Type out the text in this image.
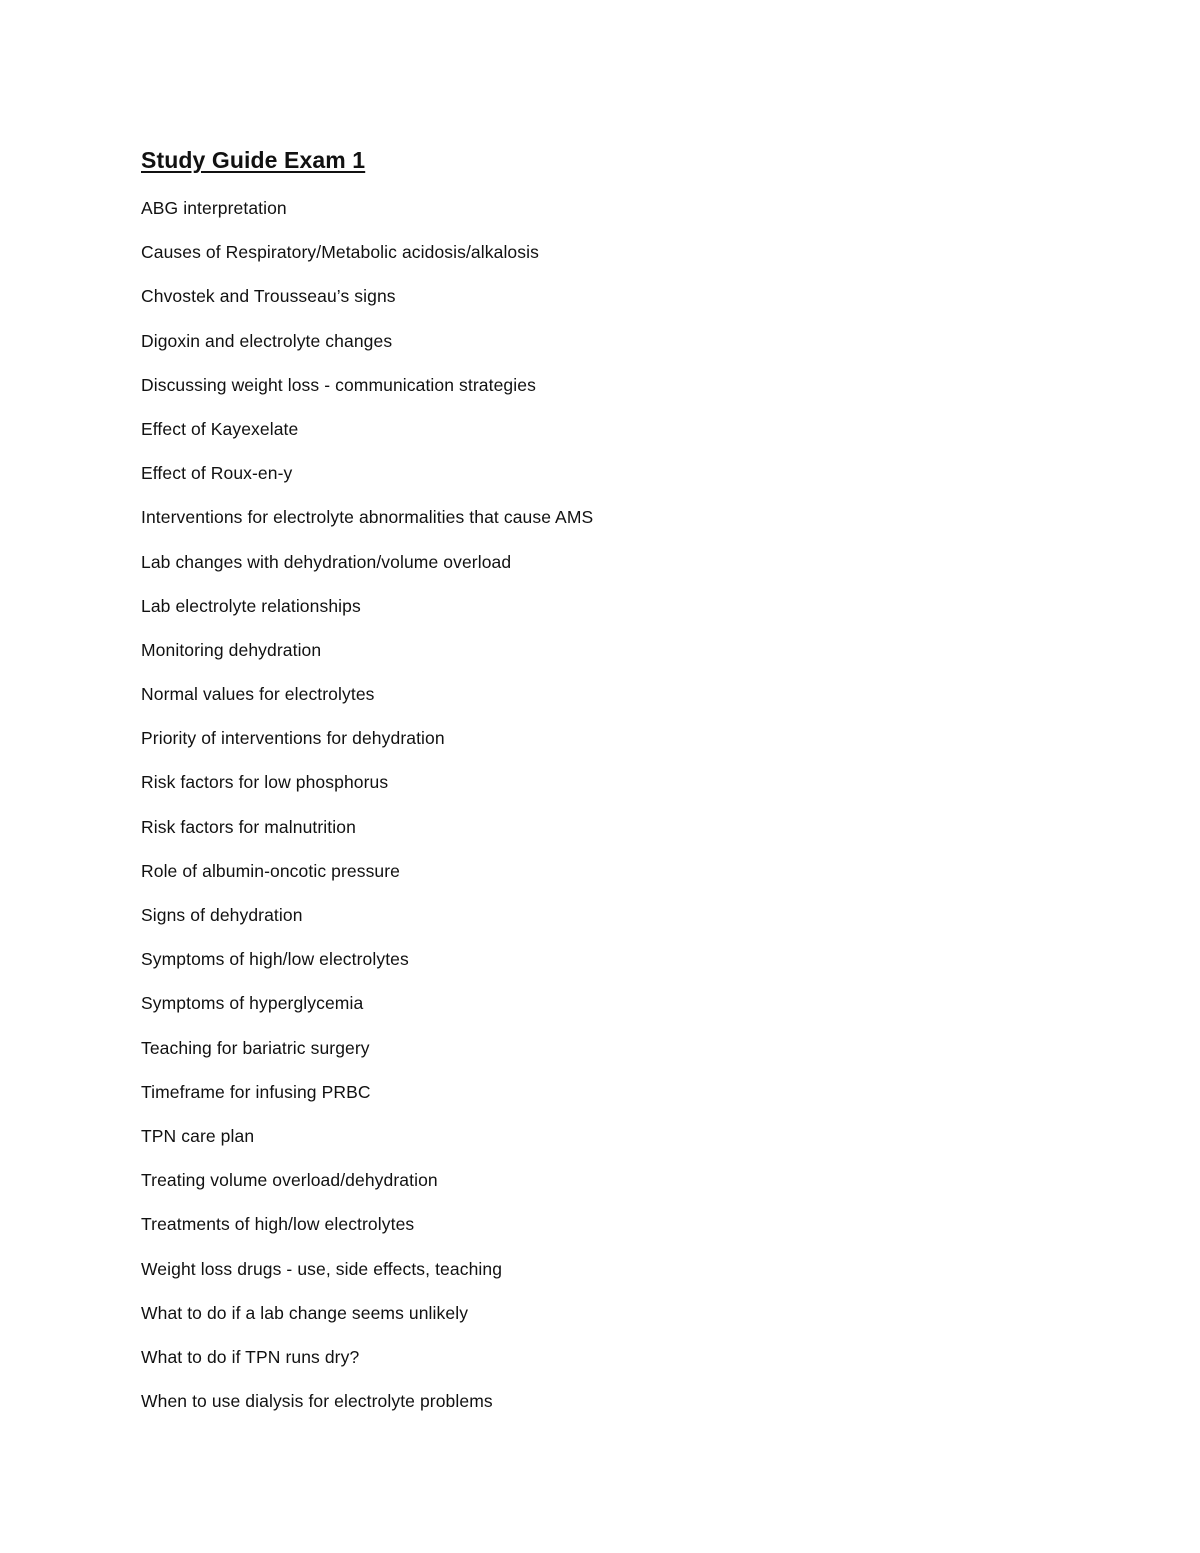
Study Guide Exam 1
ABG interpretation
Causes of Respiratory/Metabolic acidosis/alkalosis
Chvostek and Trousseau’s signs
Digoxin and electrolyte changes
Discussing weight loss - communication strategies
Effect of Kayexelate
Effect of Roux-en-y
Interventions for electrolyte abnormalities that cause AMS
Lab changes with dehydration/volume overload
Lab electrolyte relationships
Monitoring dehydration
Normal values for electrolytes
Priority of interventions for dehydration
Risk factors for low phosphorus
Risk factors for malnutrition
Role of albumin-oncotic pressure
Signs of dehydration
Symptoms of high/low electrolytes
Symptoms of hyperglycemia
Teaching for bariatric surgery
Timeframe for infusing PRBC
TPN care plan
Treating volume overload/dehydration
Treatments of high/low electrolytes
Weight loss drugs - use, side effects, teaching
What to do if a lab change seems unlikely
What to do if TPN runs dry?
When to use dialysis for electrolyte problems
